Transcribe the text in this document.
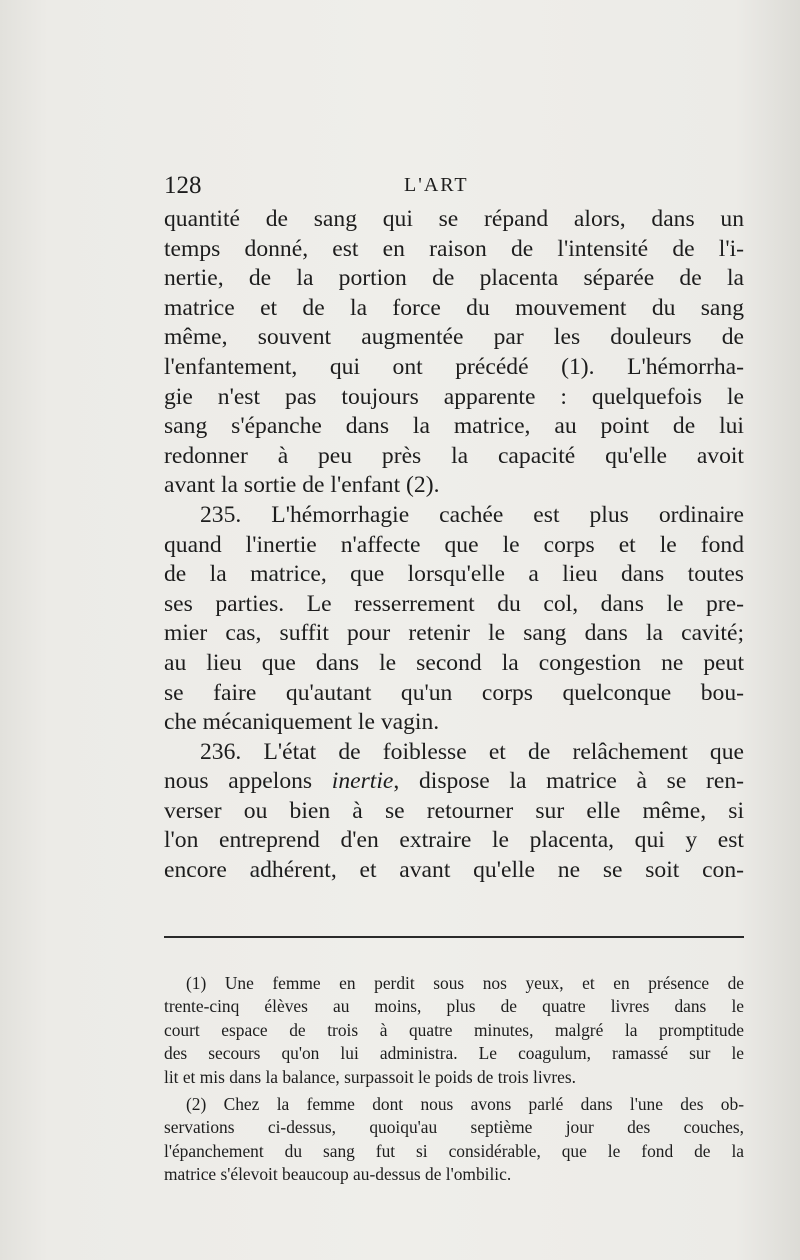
128	L'ART
quantité de sang qui se répand alors, dans un
temps donné, est en raison de l'intensité de l'i-
nertie, de la portion de placenta séparée de la
matrice et de la force du mouvement du sang
même, souvent augmentée par les douleurs de
l'enfantement, qui ont précédé (1). L'hémorrha-
gie n'est pas toujours apparente : quelquefois le
sang s'épanche dans la matrice, au point de lui
redonner à peu près la capacité qu'elle avoit
avant la sortie de l'enfant (2).
235. L'hémorrhagie cachée est plus ordinaire
quand l'inertie n'affecte que le corps et le fond
de la matrice, que lorsqu'elle a lieu dans toutes
ses parties. Le resserrement du col, dans le pre-
mier cas, suffit pour retenir le sang dans la cavité;
au lieu que dans le second la congestion ne peut
se faire qu'autant qu'un corps quelconque bou-
che mécaniquement le vagin.
236. L'état de foiblesse et de relâchement que
nous appelons inertie, dispose la matrice à se ren-
verser ou bien à se retourner sur elle même, si
l'on entreprend d'en extraire le placenta, qui y est
encore adhérent, et avant qu'elle ne se soit con-
(1) Une femme en perdit sous nos yeux, et en présence de
trente-cinq élèves au moins, plus de quatre livres dans le
court espace de trois à quatre minutes, malgré la promptitude
des secours qu'on lui administra. Le coagulum, ramassé sur le
lit et mis dans la balance, surpassoit le poids de trois livres.
(2) Chez la femme dont nous avons parlé dans l'une des ob-
servations ci-dessus, quoiqu'au septième jour des couches,
l'épanchement du sang fut si considérable, que le fond de la
matrice s'élevoit beaucoup au-dessus de l'ombilic.
